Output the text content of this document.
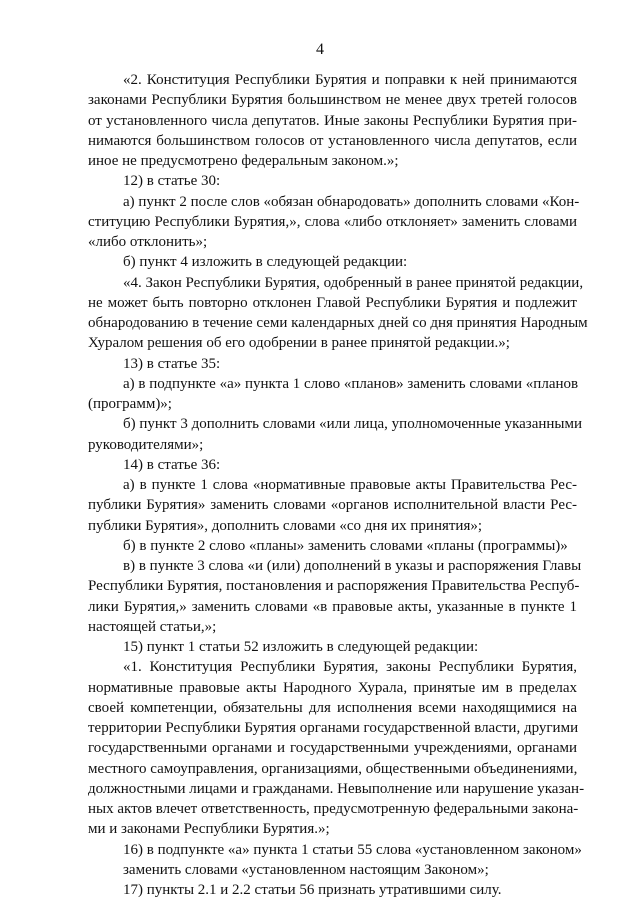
4
«2. Конституция Республики Бурятия и поправки к ней принимаются
законами Республики Бурятия большинством не менее двух третей голосов
от установленного числа депутатов. Иные законы Республики Бурятия при-
нимаются большинством голосов от установленного числа депутатов, если
иное не предусмотрено федеральным законом.»;
12) в статье 30:
а) пункт 2 после слов «обязан обнародовать» дополнить словами «Кон-
ституцию Республики Бурятия,», слова «либо отклоняет» заменить словами
«либо отклонить»;
б) пункт 4 изложить в следующей редакции:
«4. Закон Республики Бурятия, одобренный в ранее принятой редакции,
не может быть повторно отклонен Главой Республики Бурятия и подлежит
обнародованию в течение семи календарных дней со дня принятия Народным
Хуралом решения об его одобрении в ранее принятой редакции.»;
13) в статье 35:
а) в подпункте «а» пункта 1 слово «планов» заменить словами «планов
(программ)»;
б) пункт 3 дополнить словами «или лица, уполномоченные указанными
руководителями»;
14) в статье 36:
а) в пункте 1 слова «нормативные правовые акты Правительства Рес-
публики Бурятия» заменить словами «органов исполнительной власти Рес-
публики Бурятия», дополнить словами «со дня их принятия»;
б) в пункте 2 слово «планы» заменить словами «планы (программы)»
в) в пункте 3 слова «и (или) дополнений в указы и распоряжения Главы
Республики Бурятия, постановления и распоряжения Правительства Респуб-
лики Бурятия,» заменить словами «в правовые акты, указанные в пункте 1
настоящей статьи,»;
15) пункт 1 статьи 52 изложить в следующей редакции:
«1. Конституция Республики Бурятия, законы Республики Бурятия,
нормативные правовые акты Народного Хурала, принятые им в пределах
своей компетенции, обязательны для исполнения всеми находящимися на
территории Республики Бурятия органами государственной власти, другими
государственными органами и государственными учреждениями, органами
местного самоуправления, организациями, общественными объединениями,
должностными лицами и гражданами. Невыполнение или нарушение указан-
ных актов влечет ответственность, предусмотренную федеральными закона-
ми и законами Республики Бурятия.»;
16) в подпункте «а» пункта 1 статьи 55 слова «установленном законом»
заменить словами «установленном настоящим Законом»;
17) пункты 2.1 и 2.2 статьи 56 признать утратившими силу.
